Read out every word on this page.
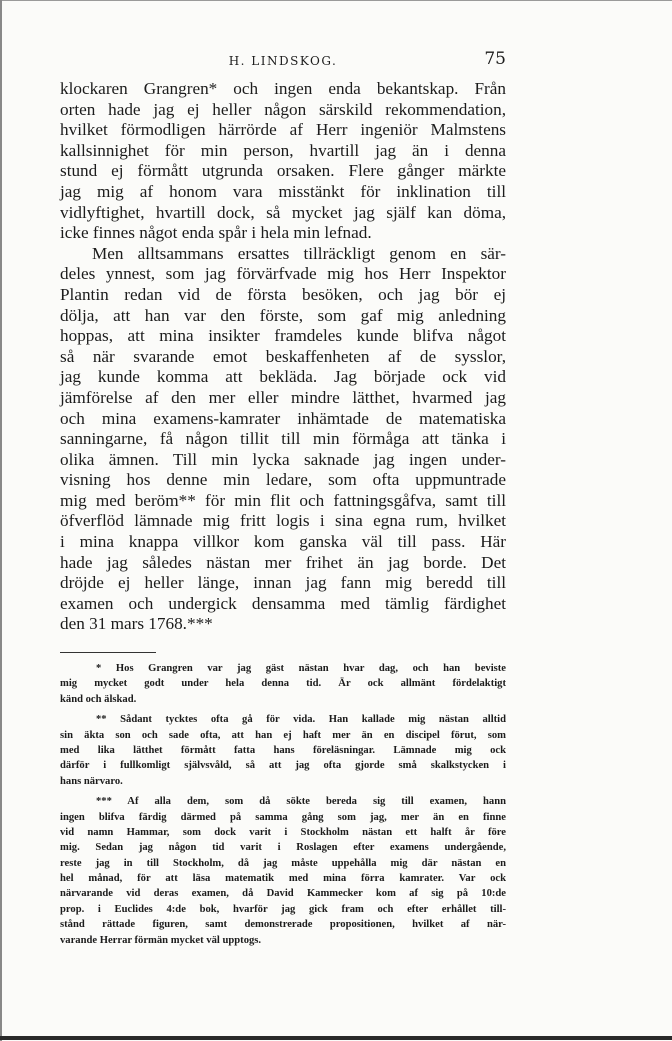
H. LINDSKOG.	75
klockaren Grangren* och ingen enda bekantskap. Från
orten hade jag ej heller någon särskild rekommendation,
hvilket förmodligen härrörde af Herr ingeniör Malmstens
kallsinnighet för min person, hvartill jag än i denna
stund ej förmått utgrunda orsaken. Flere gånger märkte
jag mig af honom vara misstänkt för inklination till
vidlyftighet, hvartill dock, så mycket jag själf kan döma,
icke finnes något enda spår i hela min lefnad.
Men alltsammans ersattes tillräckligt genom en sär-
deles ynnest, som jag förvärfvade mig hos Herr Inspektor
Plantin redan vid de första besöken, och jag bör ej
dölja, att han var den förste, som gaf mig anledning
hoppas, att mina insikter framdeles kunde blifva något
så när svarande emot beskaffenheten af de sysslor,
jag kunde komma att bekläda. Jag började ock vid
jämförelse af den mer eller mindre lätthet, hvarmed jag
och mina examens-kamrater inhämtade de matematiska
sanningarne, få någon tillit till min förmåga att tänka i
olika ämnen. Till min lycka saknade jag ingen under-
visning hos denne min ledare, som ofta uppmuntrade
mig med beröm** för min flit och fattningsgåfva, samt till
öfverflöd lämnade mig fritt logis i sina egna rum, hvilket
i mina knappa villkor kom ganska väl till pass. Här
hade jag således nästan mer frihet än jag borde. Det
dröjde ej heller länge, innan jag fann mig beredd till
examen och undergick densamma med tämlig färdighet
den 31 mars 1768.***
* Hos Grangren var jag gäst nästan hvar dag, och han beviste
mig mycket godt under hela denna tid. Är ock allmänt fördelaktigt
känd och älskad.
** Sådant tycktes ofta gå för vida. Han kallade mig nästan alltid
sin äkta son och sade ofta, att han ej haft mer än en discipel förut, som
med lika lätthet förmått fatta hans föreläsningar. Lämnade mig ock
därför i fullkomligt självsvåld, så att jag ofta gjorde små skalkstycken i
hans närvaro.
*** Af alla dem, som då sökte bereda sig till examen, hann
ingen blifva färdig därmed på samma gång som jag, mer än en finne
vid namn Hammar, som dock varit i Stockholm nästan ett halft år före
mig. Sedan jag någon tid varit i Roslagen efter examens undergående,
reste jag in till Stockholm, då jag måste uppehålla mig där nästan en
hel månad, för att läsa matematik med mina förra kamrater. Var ock
närvarande vid deras examen, då David Kammecker kom af sig på 10:de
prop. i Euclides 4:de bok, hvarför jag gick fram och efter erhållet till-
stånd rättade figuren, samt demonstrerade propositionen, hvilket af när-
varande Herrar förmän mycket väl upptogs.
